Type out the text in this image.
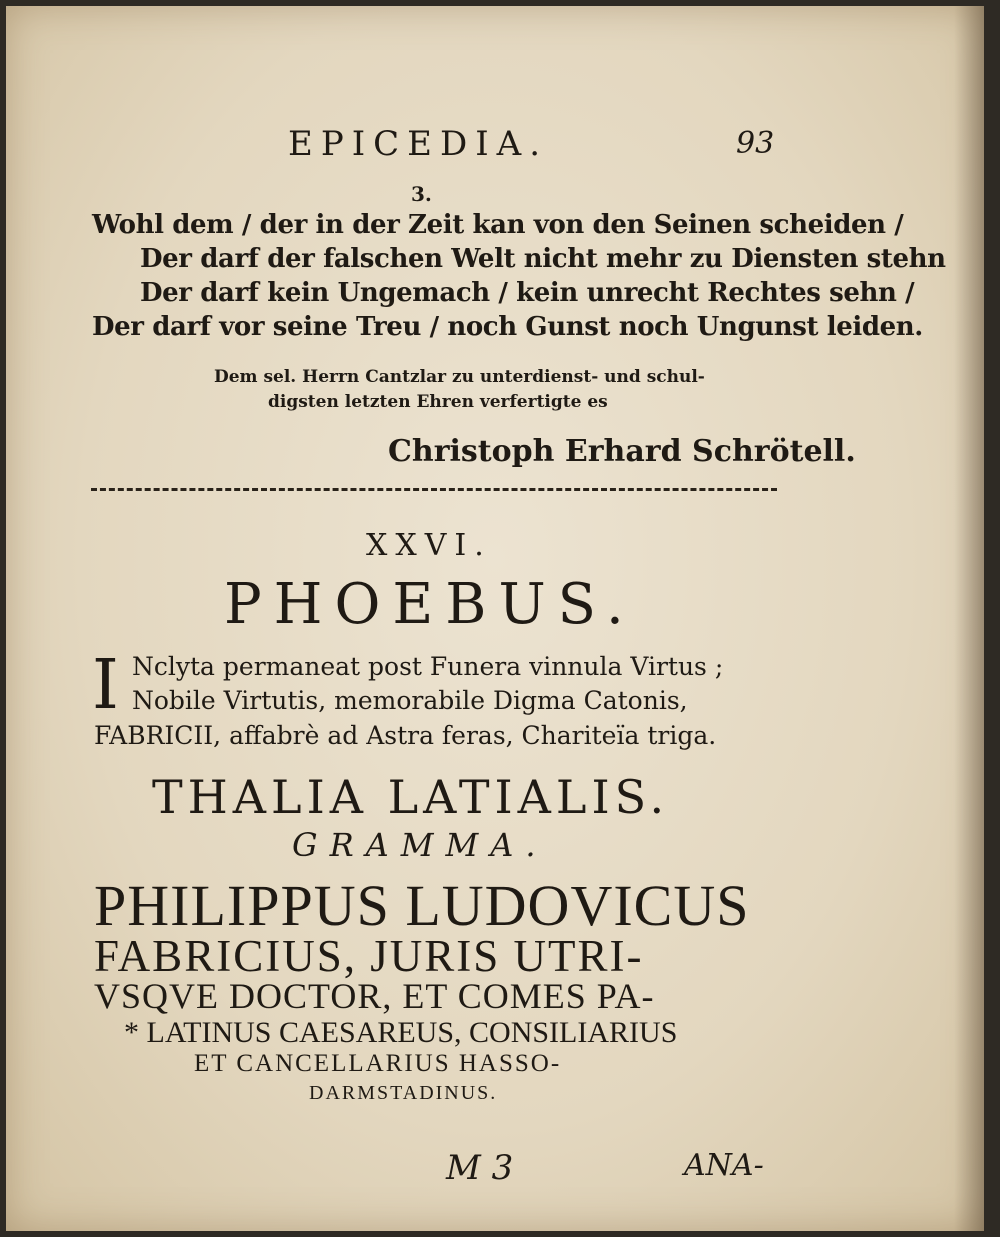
EPICEDIA.	93
3.
Wohl dem / der in der Zeit kan von den Seinen scheiden /
Der darf der falschen Welt nicht mehr zu Diensten stehn
Der darf kein Ungemach / kein unrecht Rechtes sehn /
Der darf vor seine Treu / noch Gunst noch Ungunst leiden.
Dem sel. Herrn Cantzlar zu unterdienst- und schul-
digsten letzten Ehren verfertigte es
Christoph Erhard Schrötell.
XXVI.
PHOEBUS.
I Nclyta permaneat post Funera vinnula Virtus ;
Nobile Virtutis, memorabile Digma Catonis,
FABRICII, affabrè ad Astra feras, Chariteïa triga.
THALIA LATIALIS.
GRAMMA.
PHILIPPUS LUDOVICUS
FABRICIUS, JURIS UTRI-
VSQVE DOCTOR, ET COMES PA-
* LATINUS CAESAREUS, CONSILIARIUS
ET CANCELLARIUS HASSO-
DARMSTADINUS.
M 3	ANA-
